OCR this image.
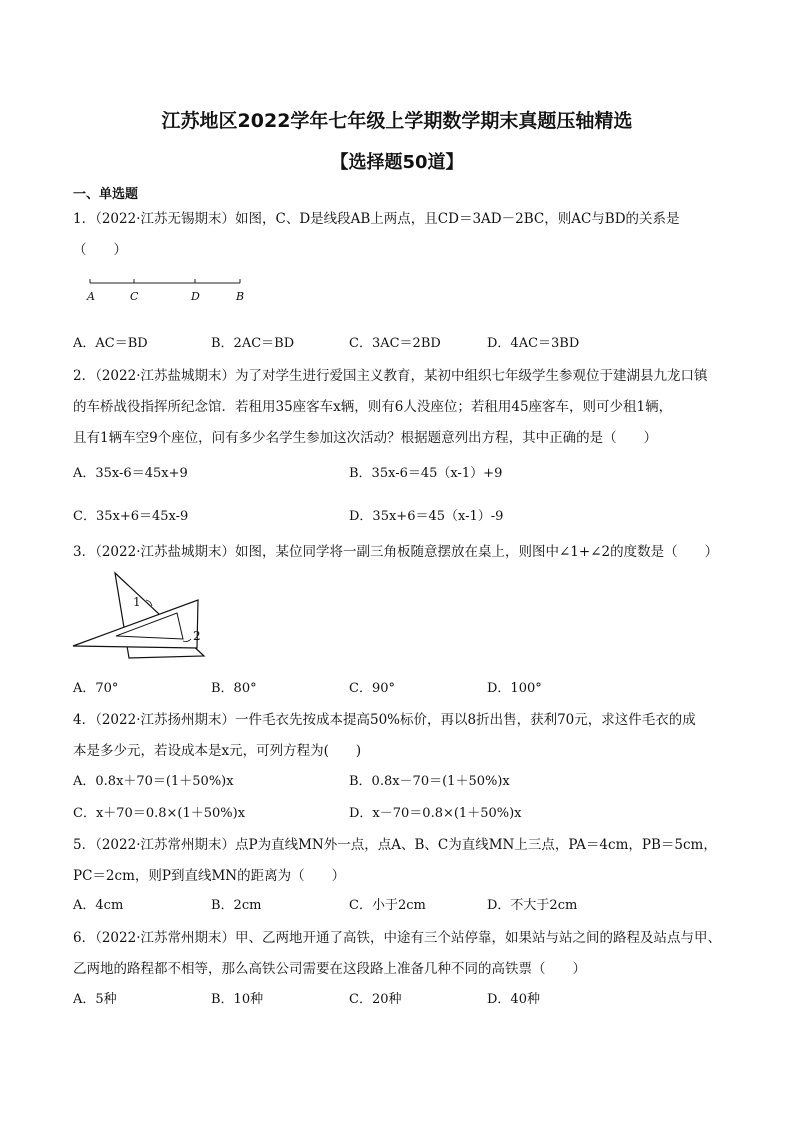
江苏地区2022学年七年级上学期数学期末真题压轴精选
【选择题50道】
一、单选题
1．（2022·江苏无锡期末）如图，C、D是线段AB上两点，且CD＝3AD－2BC，则AC与BD的关系是
（　　）
A	C	D	B
A．AC＝BD	B．2AC＝BD	C．3AC＝2BD	D．4AC＝3BD
2．（2022·江苏盐城期末）为了对学生进行爱国主义教育，某初中组织七年级学生参观位于建湖县九龙口镇
的车桥战役指挥所纪念馆．若租用35座客车x辆，则有6人没座位；若租用45座客车，则可少租1辆，
且有1辆车空9个座位，问有多少名学生参加这次活动？根据题意列出方程，其中正确的是（　　）
A．35x-6＝45x+9	B．35x-6＝45（x-1）+9
C．35x+6＝45x-9	D．35x+6＝45（x-1）-9
3．（2022·江苏盐城期末）如图，某位同学将一副三角板随意摆放在桌上，则图中∠1+∠2的度数是（　　）
1
2
A．70°	B．80°	C．90°	D．100°
4．（2022·江苏扬州期末）一件毛衣先按成本提高50%标价，再以8折出售，获利70元，求这件毛衣的成
本是多少元，若设成本是x元，可列方程为(　　)
A．0.8x＋70＝(1＋50%)x	B．0.8x－70＝(1＋50%)x
C．x＋70＝0.8×(1＋50%)x	D．x－70＝0.8×(1＋50%)x
5．（2022·江苏常州期末）点P为直线MN外一点，点A、B、C为直线MN上三点，PA＝4cm，PB＝5cm，
PC＝2cm，则P到直线MN的距离为（　　）
A．4cm	B．2cm	C．小于2cm	D．不大于2cm
6．（2022·江苏常州期末）甲、乙两地开通了高铁，中途有三个站停靠，如果站与站之间的路程及站点与甲、
乙两地的路程都不相等，那么高铁公司需要在这段路上准备几种不同的高铁票（　　）
A．5种	B．10种	C．20种	D．40种
